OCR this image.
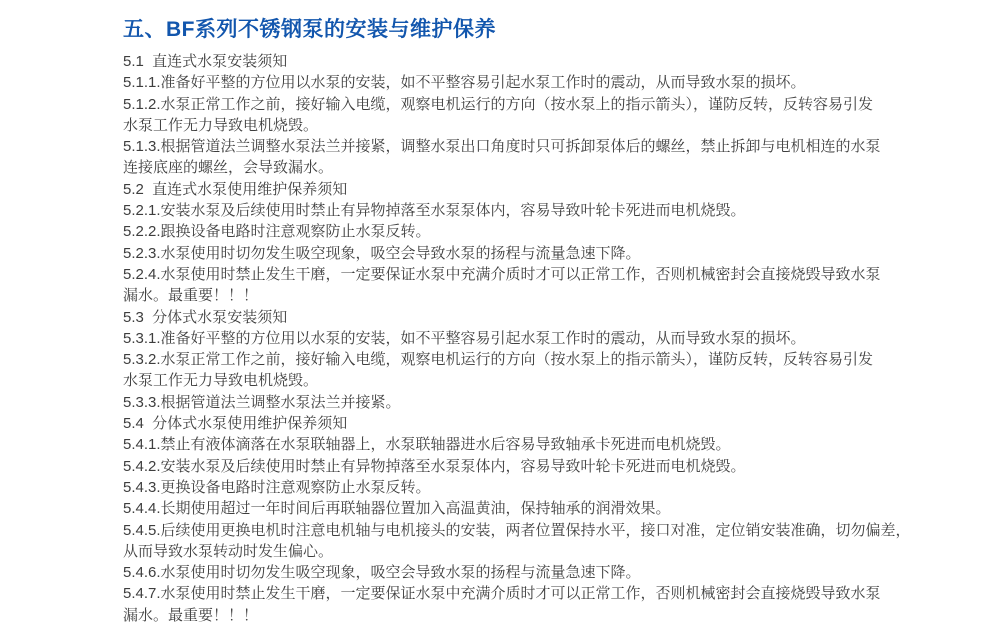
五、BF系列不锈钢泵的安装与维护保养
5.1  直连式水泵安装须知
5.1.1.准备好平整的方位用以水泵的安装，如不平整容易引起水泵工作时的震动，从而导致水泵的损坏。
5.1.2.水泵正常工作之前，接好输入电缆，观察电机运行的方向（按水泵上的指示箭头），谨防反转，反转容易引发
水泵工作无力导致电机烧毁。
5.1.3.根据管道法兰调整水泵法兰并接紧，调整水泵出口角度时只可拆卸泵体后的螺丝，禁止拆卸与电机相连的水泵
连接底座的螺丝，会导致漏水。
5.2  直连式水泵使用维护保养须知
5.2.1.安装水泵及后续使用时禁止有异物掉落至水泵泵体内，容易导致叶轮卡死进而电机烧毁。
5.2.2.跟换设备电路时注意观察防止水泵反转。
5.2.3.水泵使用时切勿发生吸空现象，吸空会导致水泵的扬程与流量急速下降。
5.2.4.水泵使用时禁止发生干磨，一定要保证水泵中充满介质时才可以正常工作，否则机械密封会直接烧毁导致水泵
漏水。最重要！！！
5.3  分体式水泵安装须知
5.3.1.准备好平整的方位用以水泵的安装，如不平整容易引起水泵工作时的震动，从而导致水泵的损坏。
5.3.2.水泵正常工作之前，接好输入电缆，观察电机运行的方向（按水泵上的指示箭头），谨防反转，反转容易引发
水泵工作无力导致电机烧毁。
5.3.3.根据管道法兰调整水泵法兰并接紧。
5.4  分体式水泵使用维护保养须知
5.4.1.禁止有液体滴落在水泵联轴器上，水泵联轴器进水后容易导致轴承卡死进而电机烧毁。
5.4.2.安装水泵及后续使用时禁止有异物掉落至水泵泵体内，容易导致叶轮卡死进而电机烧毁。
5.4.3.更换设备电路时注意观察防止水泵反转。
5.4.4.长期使用超过一年时间后再联轴器位置加入高温黄油，保持轴承的润滑效果。
5.4.5.后续使用更换电机时注意电机轴与电机接头的安装，两者位置保持水平，接口对准，定位销安装准确，切勿偏差，
从而导致水泵转动时发生偏心。
5.4.6.水泵使用时切勿发生吸空现象，吸空会导致水泵的扬程与流量急速下降。
5.4.7.水泵使用时禁止发生干磨，一定要保证水泵中充满介质时才可以正常工作，否则机械密封会直接烧毁导致水泵
漏水。最重要！！！
